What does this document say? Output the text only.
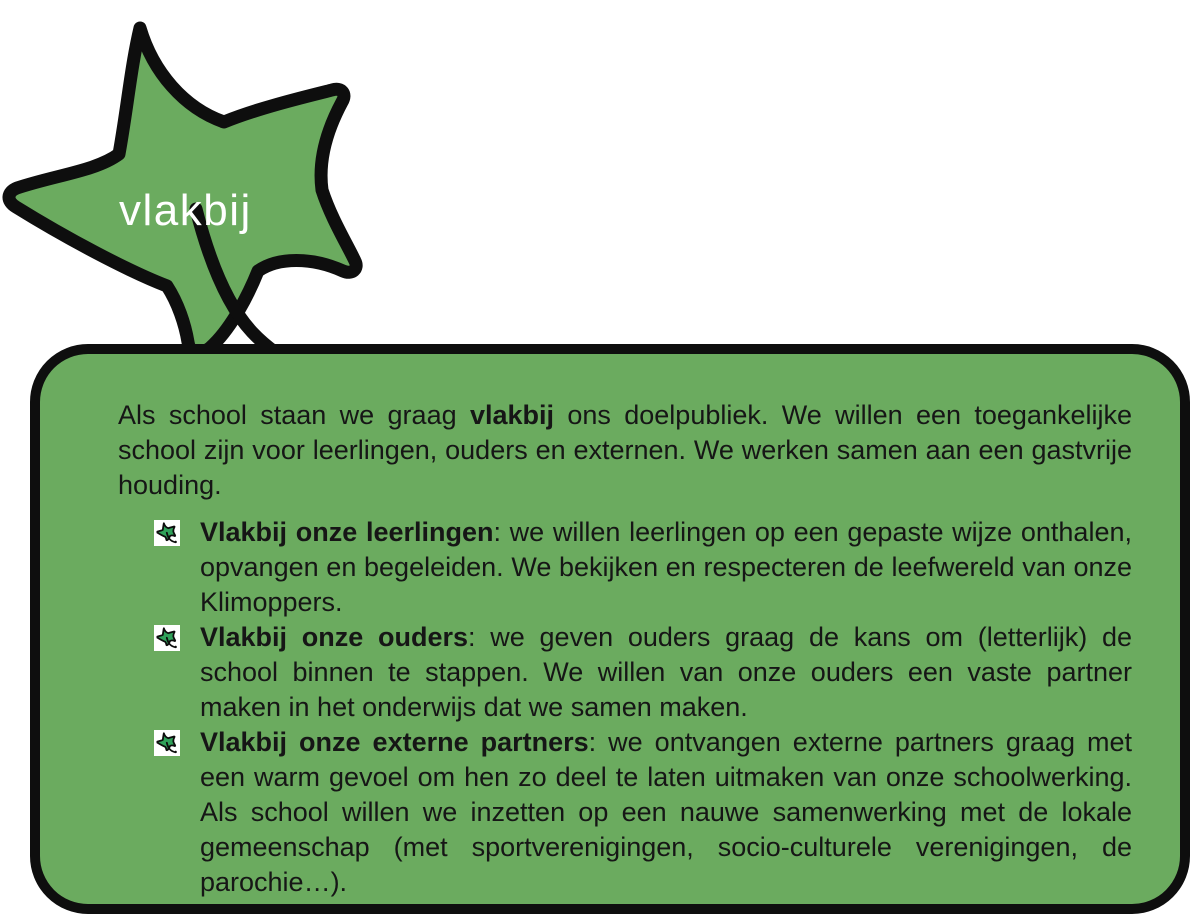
vlakbij

Als school staan we graag vlakbij ons doelpubliek. We willen een toegankelijke school zijn voor leerlingen, ouders en externen. We werken samen aan een gastvrije houding.

Vlakbij onze leerlingen: we willen leerlingen op een gepaste wijze onthalen, opvangen en begeleiden. We bekijken en respecteren de leefwereld van onze Klimoppers.
Vlakbij onze ouders: we geven ouders graag de kans om (letterlijk) de school binnen te stappen. We willen van onze ouders een vaste partner maken in het onderwijs dat we samen maken.
Vlakbij onze externe partners: we ontvangen externe partners graag met een warm gevoel om hen zo deel te laten uitmaken van onze schoolwerking. Als school willen we inzetten op een nauwe samenwerking met de lokale gemeenschap (met sportverenigingen, socio-culturele verenigingen, de parochie…).
